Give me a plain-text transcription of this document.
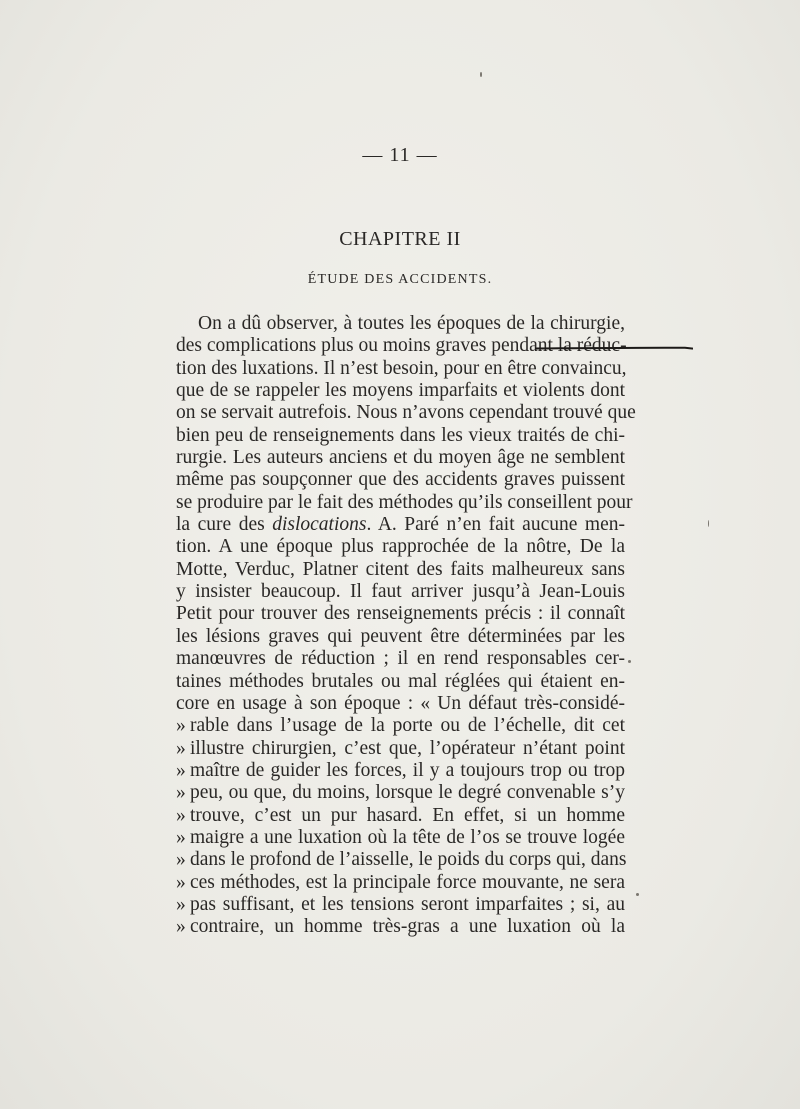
— 11 —
CHAPITRE II
ÉTUDE DES ACCIDENTS.
On a dû observer, à toutes les époques de la chirurgie,
des complications plus ou moins graves pendant la réduc-
tion des luxations. Il n’est besoin, pour en être convaincu,
que de se rappeler les moyens imparfaits et violents dont
on se servait autrefois. Nous n’avons cependant trouvé que
bien peu de renseignements dans les vieux traités de chi-
rurgie. Les auteurs anciens et du moyen âge ne semblent
même pas soupçonner que des accidents graves puissent
se produire par le fait des méthodes qu’ils conseillent pour
la cure des dislocations. A. Paré n’en fait aucune men-
tion. A une époque plus rapprochée de la nôtre, De la
Motte, Verduc, Platner citent des faits malheureux sans
y insister beaucoup. Il faut arriver jusqu’à Jean-Louis
Petit pour trouver des renseignements précis : il connaît
les lésions graves qui peuvent être déterminées par les
manœuvres de réduction ; il en rend responsables cer-
taines méthodes brutales ou mal réglées qui étaient en-
core en usage à son époque : « Un défaut très-considé-
» rable dans l’usage de la porte ou de l’échelle, dit cet
» illustre chirurgien, c’est que, l’opérateur n’étant point
» maître de guider les forces, il y a toujours trop ou trop
» peu, ou que, du moins, lorsque le degré convenable s’y
» trouve, c’est un pur hasard. En effet, si un homme
» maigre a une luxation où la tête de l’os se trouve logée
» dans le profond de l’aisselle, le poids du corps qui, dans
» ces méthodes, est la principale force mouvante, ne sera
» pas suffisant, et les tensions seront imparfaites ; si, au
» contraire, un homme très-gras a une luxation où la
